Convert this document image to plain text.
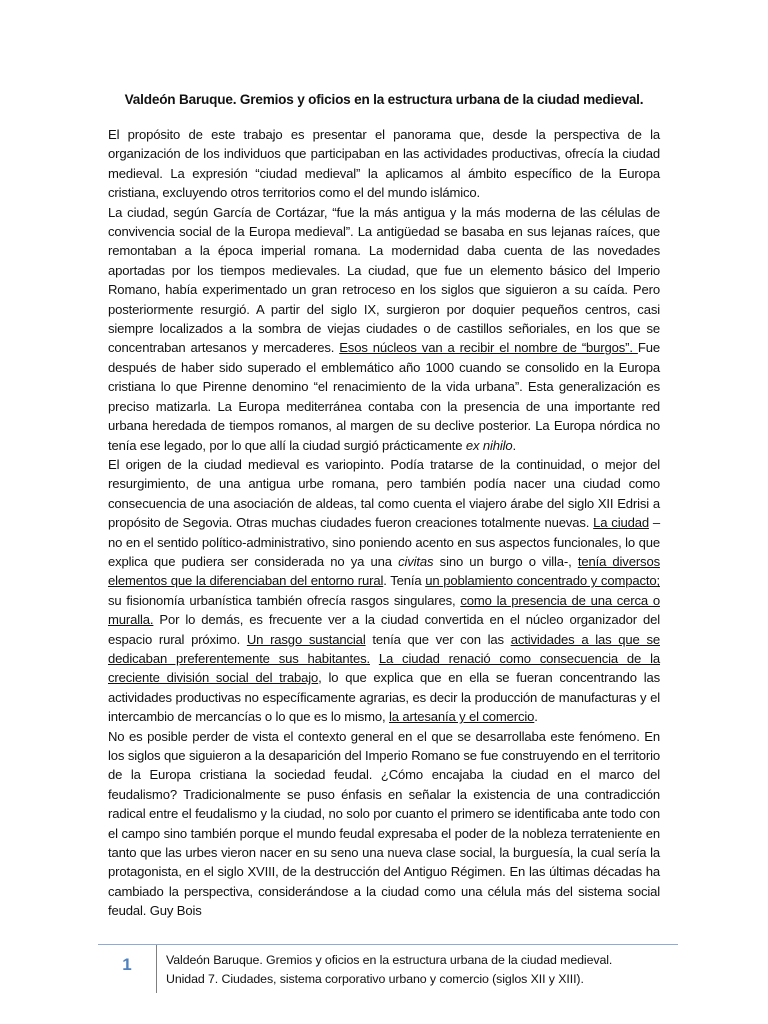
Valdeón Baruque. Gremios y oficios en la estructura urbana de la ciudad medieval.

El propósito de este trabajo es presentar el panorama que, desde la perspectiva de la organización de los individuos que participaban en las actividades productivas, ofrecía la ciudad medieval. La expresión “ciudad medieval” la aplicamos al ámbito específico de la Europa cristiana, excluyendo otros territorios como el del mundo islámico.

La ciudad, según García de Cortázar, “fue la más antigua y la más moderna de las células de convivencia social de la Europa medieval”. La antigüedad se basaba en sus lejanas raíces, que remontaban a la época imperial romana. La modernidad daba cuenta de las novedades aportadas por los tiempos medievales. La ciudad, que fue un elemento básico del Imperio Romano, había experimentado un gran retroceso en los siglos que siguieron a su caída. Pero posteriormente resurgió. A partir del siglo IX, surgieron por doquier pequeños centros, casi siempre localizados a la sombra de viejas ciudades o de castillos señoriales, en los que se concentraban artesanos y mercaderes. Esos núcleos van a recibir el nombre de “burgos”. Fue después de haber sido superado el emblemático año 1000 cuando se consolido en la Europa cristiana lo que Pirenne denomino “el renacimiento de la vida urbana”. Esta generalización es preciso matizarla. La Europa mediterránea contaba con la presencia de una importante red urbana heredada de tiempos romanos, al margen de su declive posterior. La Europa nórdica no tenía ese legado, por lo que allí la ciudad surgió prácticamente ex nihilo.

El origen de la ciudad medieval es variopinto. Podía tratarse de la continuidad, o mejor del resurgimiento, de una antigua urbe romana, pero también podía nacer una ciudad como consecuencia de una asociación de aldeas, tal como cuenta el viajero árabe del siglo XII Edrisi a propósito de Segovia. Otras muchas ciudades fueron creaciones totalmente nuevas. La ciudad –no en el sentido político-administrativo, sino poniendo acento en sus aspectos funcionales, lo que explica que pudiera ser considerada no ya una civitas sino un burgo o villa-, tenía diversos elementos que la diferenciaban del entorno rural. Tenía un poblamiento concentrado y compacto; su fisionomía urbanística también ofrecía rasgos singulares, como la presencia de una cerca o muralla. Por lo demás, es frecuente ver a la ciudad convertida en el núcleo organizador del espacio rural próximo. Un rasgo sustancial tenía que ver con las actividades a las que se dedicaban preferentemente sus habitantes. La ciudad renació como consecuencia de la creciente división social del trabajo, lo que explica que en ella se fueran concentrando las actividades productivas no específicamente agrarias, es decir la producción de manufacturas y el intercambio de mercancías o lo que es lo mismo, la artesanía y el comercio.

No es posible perder de vista el contexto general en el que se desarrollaba este fenómeno. En los siglos que siguieron a la desaparición del Imperio Romano se fue construyendo en el territorio de la Europa cristiana la sociedad feudal. ¿Cómo encajaba la ciudad en el marco del feudalismo? Tradicionalmente se puso énfasis en señalar la existencia de una contradicción radical entre el feudalismo y la ciudad, no solo por cuanto el primero se identificaba ante todo con el campo sino también porque el mundo feudal expresaba el poder de la nobleza terrateniente en tanto que las urbes vieron nacer en su seno una nueva clase social, la burguesía, la cual sería la protagonista, en el siglo XVIII, de la destrucción del Antiguo Régimen. En las últimas décadas ha cambiado la perspectiva, considerándose a la ciudad como una célula más del sistema social feudal. Guy Bois

1	Valdeón Baruque. Gremios y oficios en la estructura urbana de la ciudad medieval.
Unidad 7. Ciudades, sistema corporativo urbano y comercio (siglos XII y XIII).
